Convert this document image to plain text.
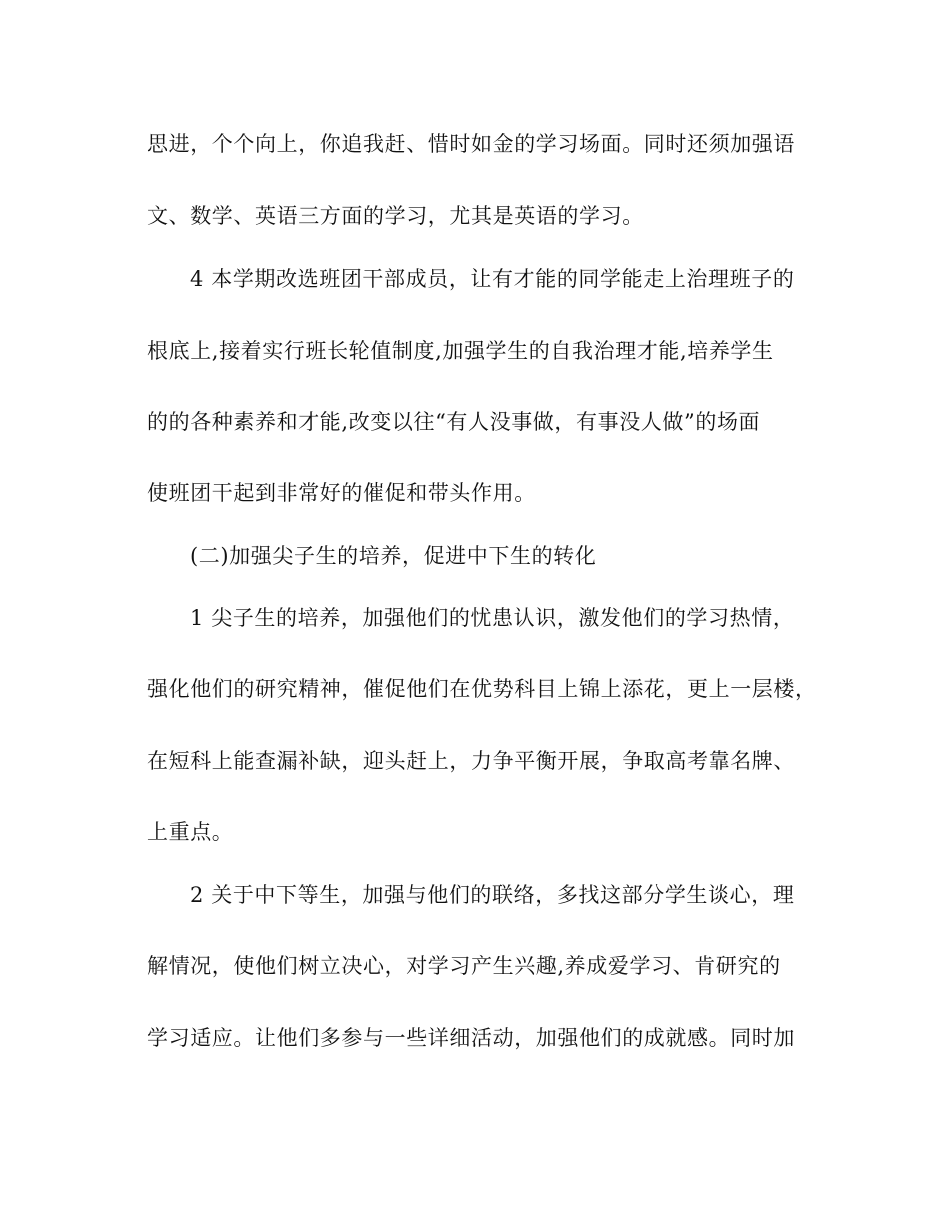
思进，个个向上，你追我赶、惜时如金的学习场面。同时还须加强语
文、数学、英语三方面的学习，尤其是英语的学习。
4 本学期改选班团干部成员，让有才能的同学能走上治理班子的
根底上,接着实行班长轮值制度,加强学生的自我治理才能,培养学生
的的各种素养和才能,改变以往“有人没事做，有事没人做”的场面
使班团干起到非常好的催促和带头作用。
(二)加强尖子生的培养，促进中下生的转化
1 尖子生的培养，加强他们的忧患认识，激发他们的学习热情，
强化他们的研究精神，催促他们在优势科目上锦上添花，更上一层楼，
在短科上能查漏补缺，迎头赶上，力争平衡开展，争取高考靠名牌、
上重点。
2 关于中下等生，加强与他们的联络，多找这部分学生谈心，理
解情况，使他们树立决心，对学习产生兴趣,养成爱学习、肯研究的
学习适应。让他们多参与一些详细活动，加强他们的成就感。同时加
